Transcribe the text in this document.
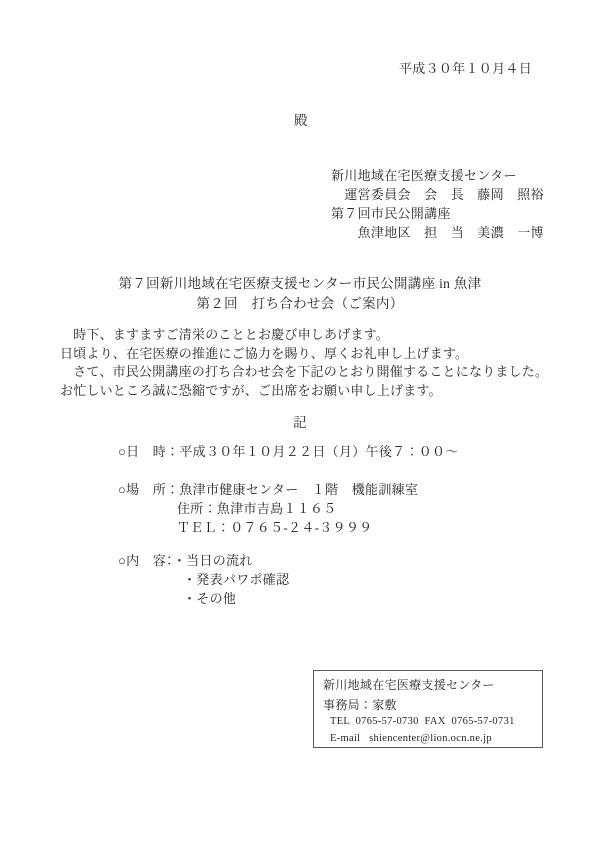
平成３０年１０月４日
殿
新川地域在宅医療支援センター
　運営委員会　会　長　藤岡　照裕
第７回市民公開講座
　　魚津地区　担　当　美濃　一博
第７回新川地域在宅医療支援センター市民公開講座 in 魚津
第２回　打ち合わせ会（ご案内）
　時下、ますますご清栄のこととお慶び申しあげます。
日頃より、在宅医療の推進にご協力を賜り、厚くお礼申し上げます。
　さて、市民公開講座の打ち合わせ会を下記のとおり開催することになりました。
お忙しいところ誠に恐縮ですが、ご出席をお願い申し上げます。
記
○日　時：平成３０年１０月２２日（月）午後７：００～
○場　所：魚津市健康センター　１階　機能訓練室
住所：魚津市吉島１１６５
ＴＥＬ：０７６５-２４-３９９９
○内　容：・当日の流れ
・発表パワポ確認
・その他
新川地域在宅医療支援センター
事務局：家敷
TEL  0765-57-0730  FAX  0765-57-0731
E-mail   shiencenter@lion.ocn.ne.jp
